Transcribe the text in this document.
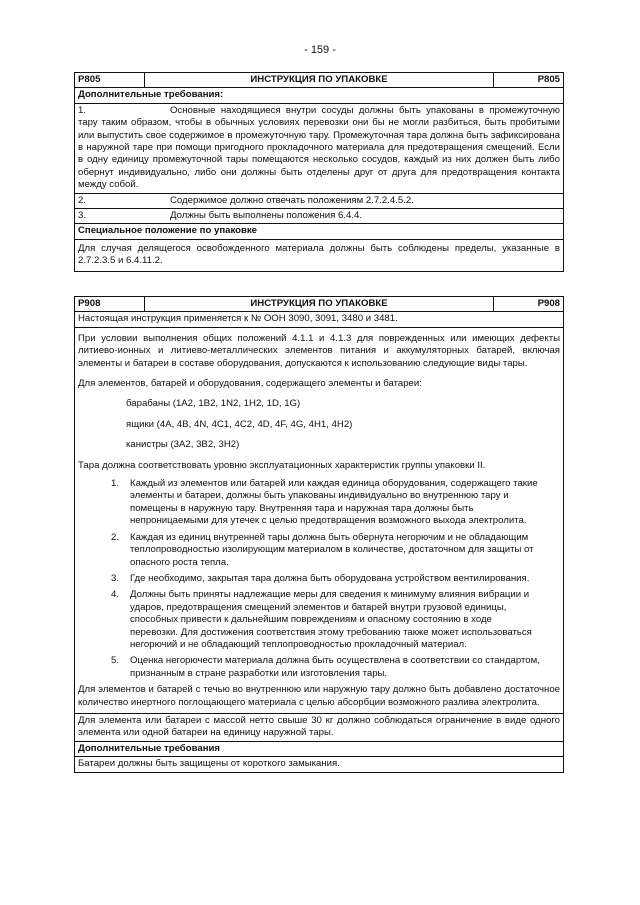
- 159 -
P805	ИНСТРУКЦИЯ ПО УПАКОВКЕ	P805
Дополнительные требования:
1.	Основные находящиеся внутри сосуды должны быть упакованы в промежуточную тару таким образом, чтобы в обычных условиях перевозки они бы не могли разбиться, быть пробитыми или выпустить свое содержимое в промежуточную тару. Промежуточная тара должна быть зафиксирована в наружной таре при помощи пригодного прокладочного материала для предотвращения смещений. Если в одну единицу промежуточной тары помещаются несколько сосудов, каждый из них должен быть либо обернут индивидуально, либо они должны быть отделены друг от друга для предотвращения контакта между собой.
2.	Содержимое должно отвечать положениям 2.7.2.4.5.2.
3.	Должны быть выполнены положения 6.4.4.
Специальное положение по упаковке
Для случая делящегося освобожденного материала должны быть соблюдены пределы, указанные в 2.7.2.3.5 и 6.4.11.2.
P908	ИНСТРУКЦИЯ ПО УПАКОВКЕ	P908
Настоящая инструкция применяется к № ООН 3090, 3091, 3480 и 3481.

При условии выполнения общих положений 4.1.1 и 4.1.3 для поврежденных или имеющих дефекты литиево-ионных и литиево-металлических элементов питания и аккумуляторных батарей, включая элементы и батареи в составе оборудования, допускаются к использованию следующие виды тары.

Для элементов, батарей и оборудования, содержащего элементы и батареи:

барабаны (1A2, 1B2, 1N2, 1H2, 1D, 1G)

ящики (4A, 4B, 4N, 4C1, 4C2, 4D, 4F, 4G, 4H1, 4H2)

канистры (3A2, 3B2, 3H2)

Тара должна соответствовать уровню эксплуатационных характеристик группы упаковки II.

1. Каждый из элементов или батарей или каждая единица оборудования, содержащего такие элементы и батареи, должны быть упакованы индивидуально во внутреннюю тару и помещены в наружную тару. Внутренняя тара и наружная тара должны быть непроницаемыми для утечек с целью предотвращения возможного выхода электролита.
2. Каждая из единиц внутренней тары должна быть обернута негорючим и не обладающим теплопроводностью изолирующим материалом в количестве, достаточном для защиты от опасного роста тепла.
3. Где необходимо, закрытая тара должна быть оборудована устройством вентилирования.
4. Должны быть приняты надлежащие меры для сведения к минимуму влияния вибрации и ударов, предотвращения смещений элементов и батарей внутри грузовой единицы, способных привести к дальнейшим повреждениям и опасному состоянию в ходе перевозки. Для достижения соответствия этому требованию также может использоваться негорючий и не обладающий теплопроводностью прокладочный материал.
5. Оценка негорючести материала должна быть осуществлена в соответствии со стандартом, признанным в стране разработки или изготовления тары.

Для элементов и батарей с течью во внутреннюю или наружную тару должно быть добавлено достаточное количество инертного поглощающего материала с целью абсорбции возможного разлива электролита.

Для элемента или батареи с массой нетто свыше 30 кг должно соблюдаться ограничение в виде одного элемента или одной батареи на единицу наружной тары.
Дополнительные требования
Батареи должны быть защищены от короткого замыкания.
